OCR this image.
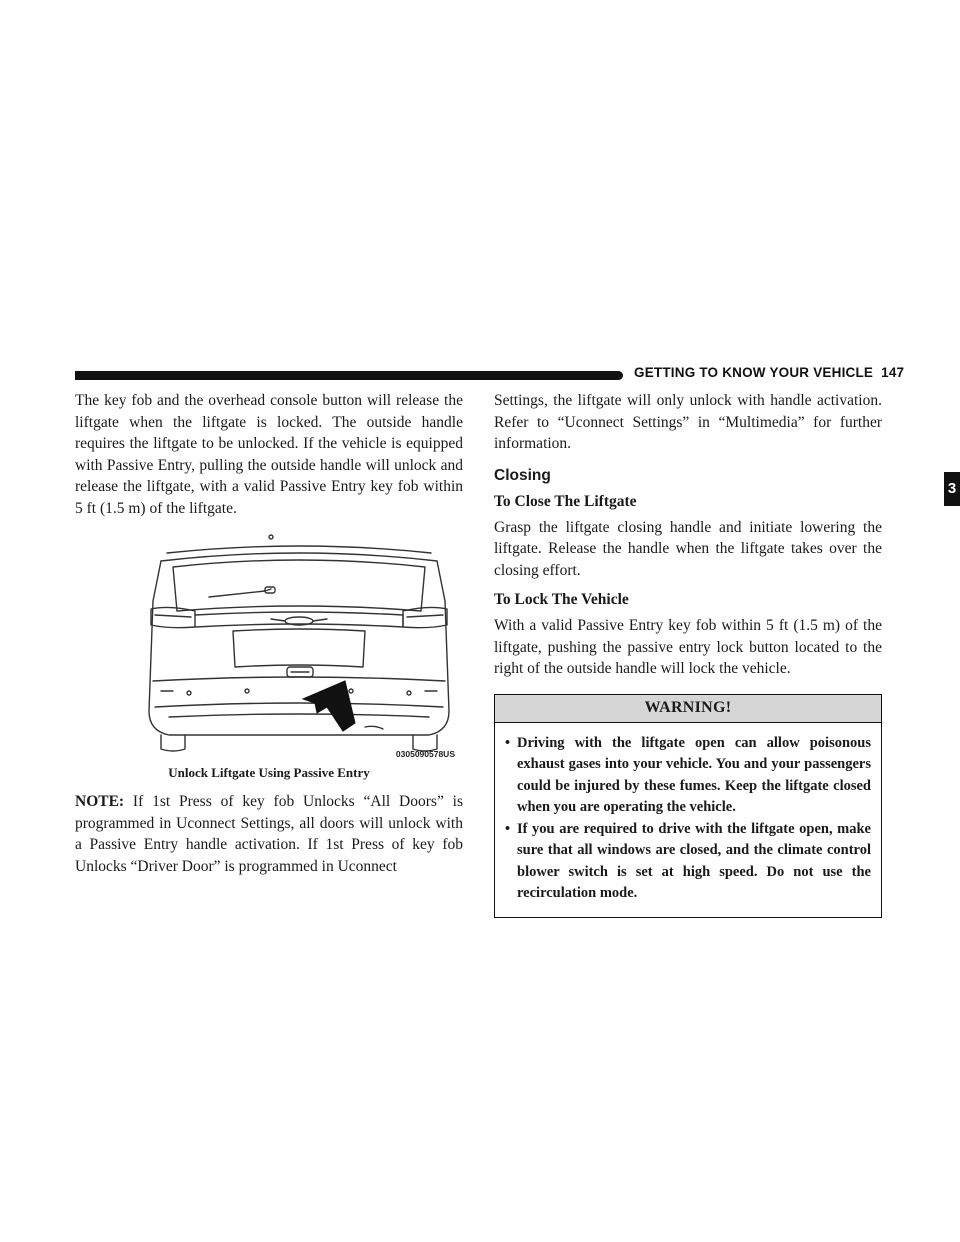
GETTING TO KNOW YOUR VEHICLE 147
3

The key fob and the overhead console button will release the liftgate when the liftgate is locked. The outside handle requires the liftgate to be unlocked. If the vehicle is equipped with Passive Entry, pulling the outside handle will unlock and release the liftgate, with a valid Passive Entry key fob within 5 ft (1.5 m) of the liftgate.

0305090578US
Unlock Liftgate Using Passive Entry

NOTE: If 1st Press of key fob Unlocks “All Doors” is programmed in Uconnect Settings, all doors will unlock with a Passive Entry handle activation. If 1st Press of key fob Unlocks “Driver Door” is programmed in Uconnect

Settings, the liftgate will only unlock with handle activation. Refer to “Uconnect Settings” in “Multimedia” for further information.

Closing
To Close The Liftgate

Grasp the liftgate closing handle and initiate lowering the liftgate. Release the handle when the liftgate takes over the closing effort.

To Lock The Vehicle

With a valid Passive Entry key fob within 5 ft (1.5 m) of the liftgate, pushing the passive entry lock button located to the right of the outside handle will lock the vehicle.

WARNING!
• Driving with the liftgate open can allow poisonous exhaust gases into your vehicle. You and your passengers could be injured by these fumes. Keep the liftgate closed when you are operating the vehicle.
• If you are required to drive with the liftgate open, make sure that all windows are closed, and the climate control blower switch is set at high speed. Do not use the recirculation mode.
